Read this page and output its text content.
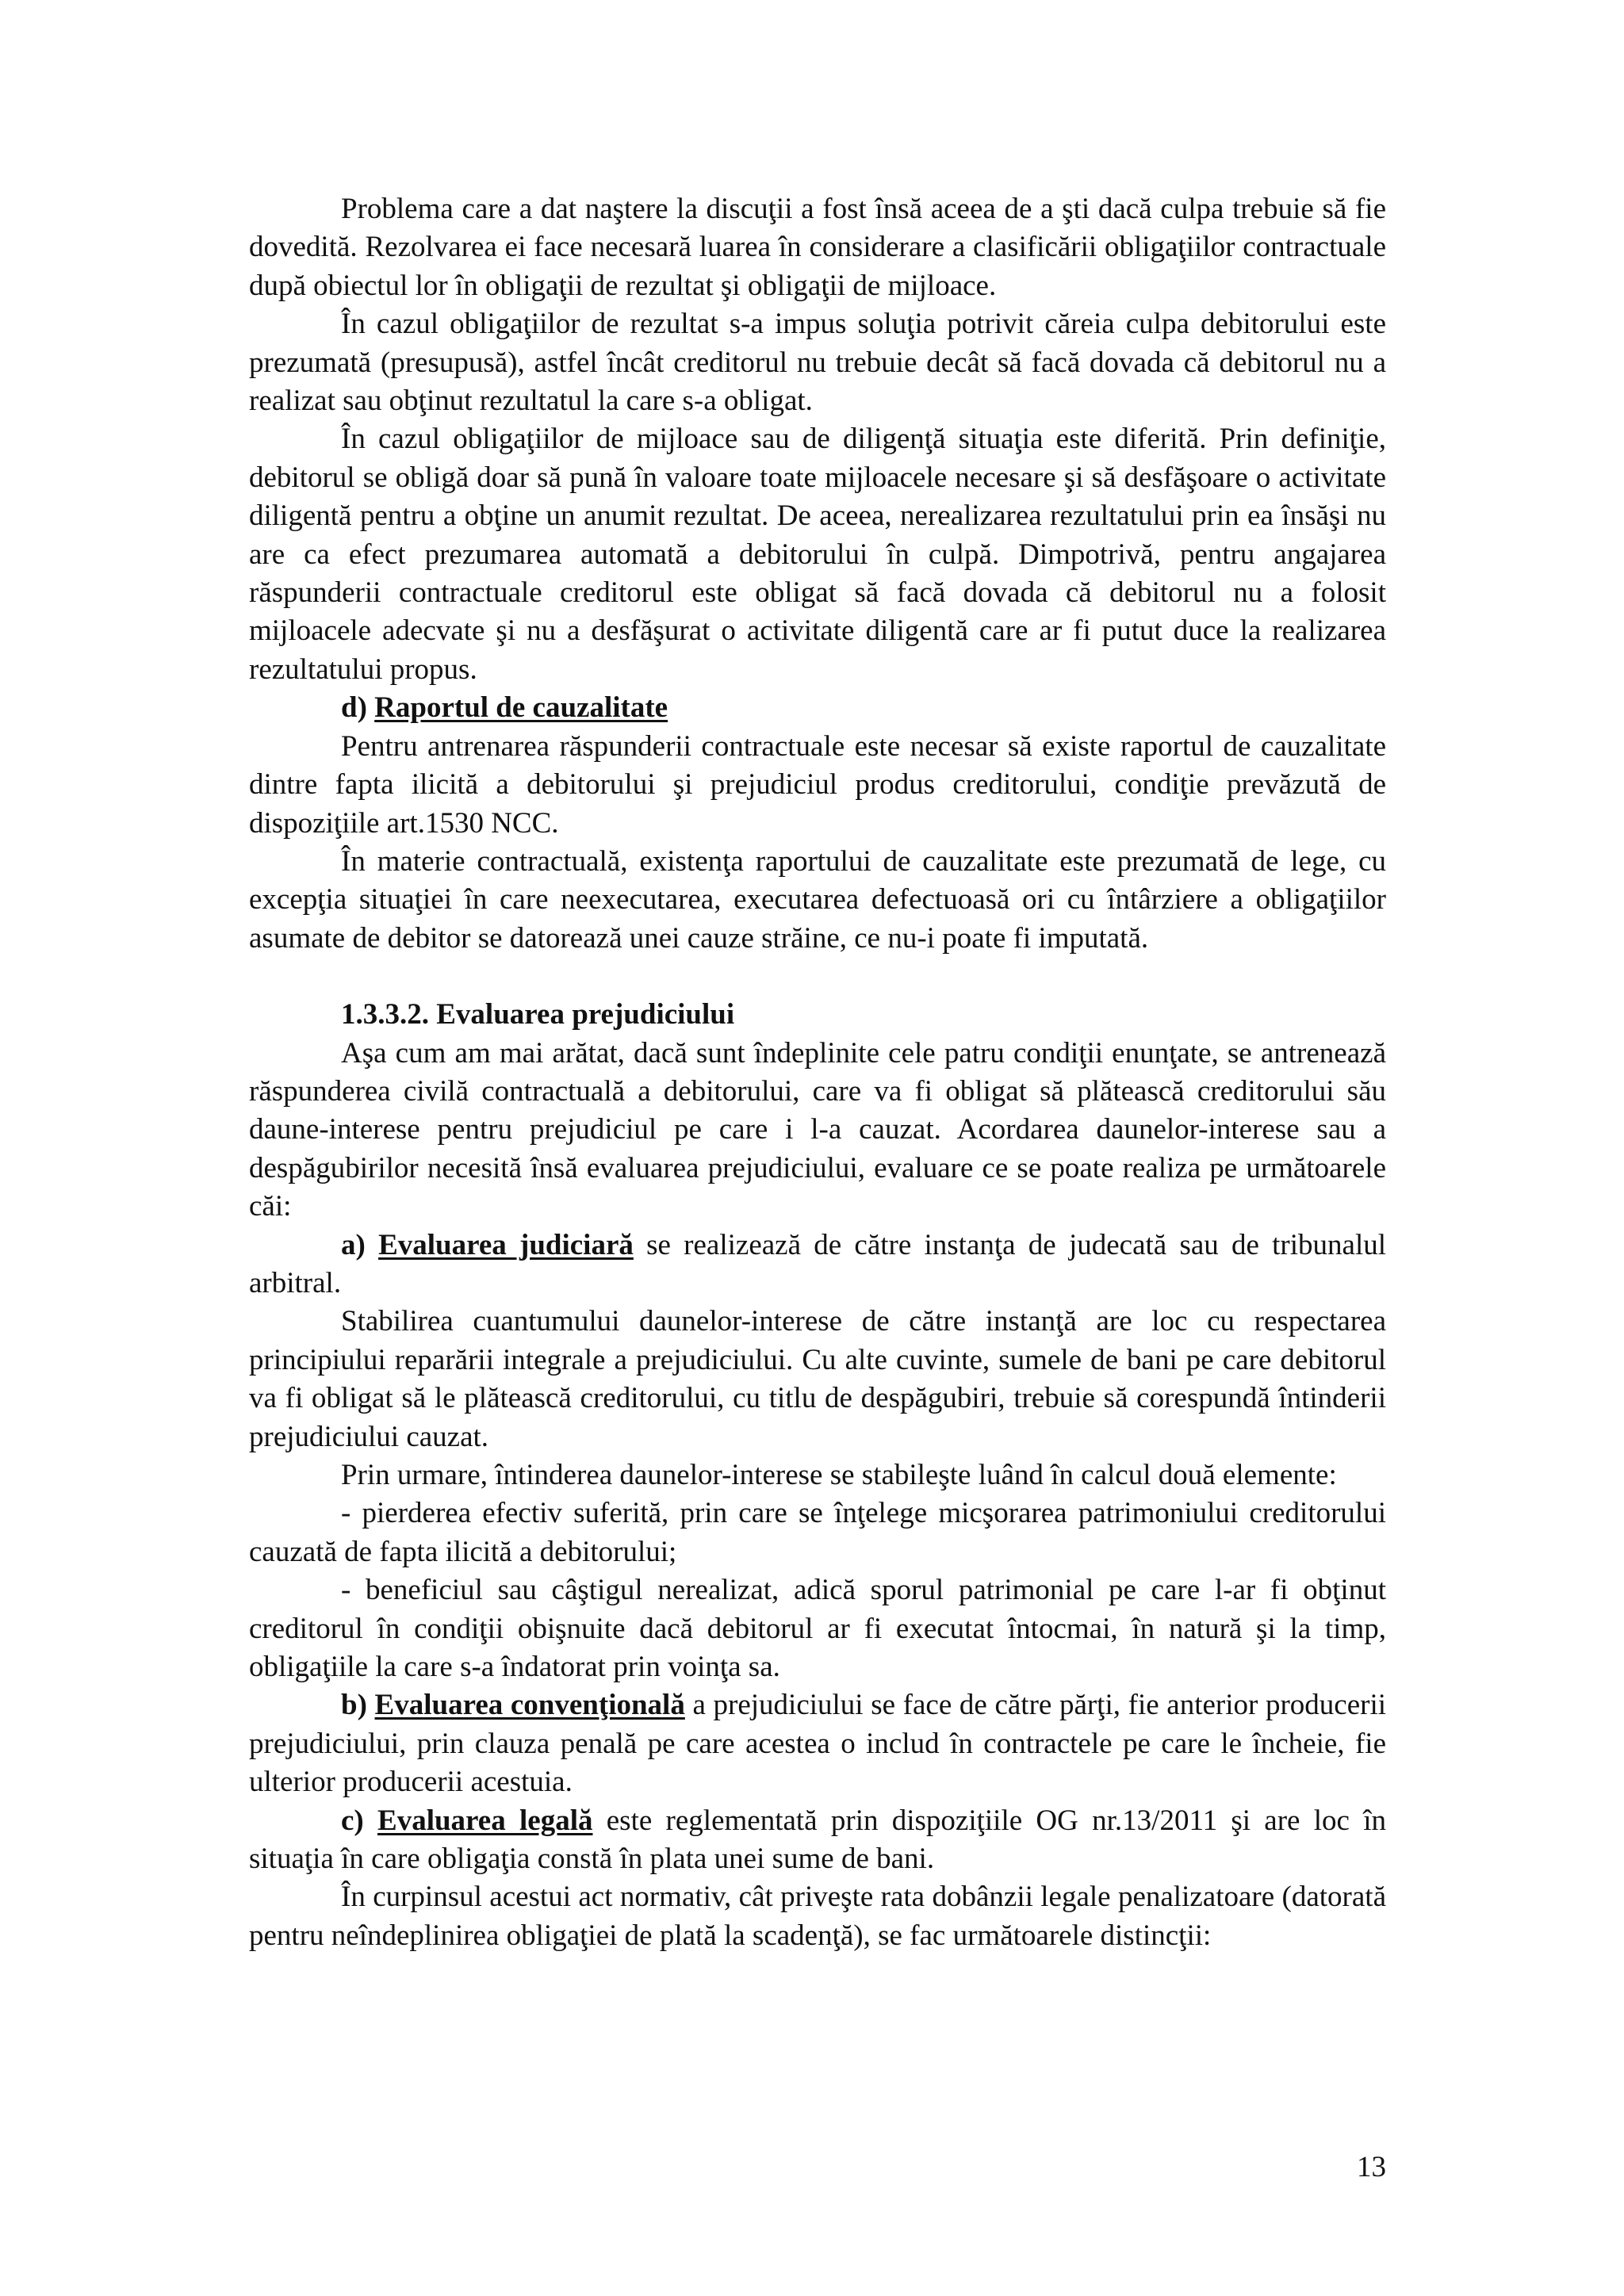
Problema care a dat naştere la discuţii a fost însă aceea de a şti dacă culpa trebuie să fie dovedită. Rezolvarea ei face necesară luarea în considerare a clasificării obligaţiilor contractuale după obiectul lor în obligaţii de rezultat şi obligaţii de mijloace.

În cazul obligaţiilor de rezultat s-a impus soluţia potrivit căreia culpa debitorului este prezumată (presupusă), astfel încât creditorul nu trebuie decât să facă dovada că debitorul nu a realizat sau obţinut rezultatul la care s-a obligat.

În cazul obligaţiilor de mijloace sau de diligenţă situaţia este diferită. Prin definiţie, debitorul se obligă doar să pună în valoare toate mijloacele necesare şi să desfăşoare o activitate diligentă pentru a obţine un anumit rezultat. De aceea, nerealizarea rezultatului prin ea însăşi nu are ca efect prezumarea automată a debitorului în culpă. Dimpotrivă, pentru angajarea răspunderii contractuale creditorul este obligat să facă dovada că debitorul nu a folosit mijloacele adecvate şi nu a desfăşurat o activitate diligentă care ar fi putut duce la realizarea rezultatului propus.

d) Raportul de cauzalitate

Pentru antrenarea răspunderii contractuale este necesar să existe raportul de cauzalitate dintre fapta ilicită a debitorului şi prejudiciul produs creditorului, condiţie prevăzută de dispoziţiile art.1530 NCC.

În materie contractuală, existenţa raportului de cauzalitate este prezumată de lege, cu excepţia situaţiei în care neexecutarea, executarea defectuoasă ori cu întârziere a obligaţiilor asumate de debitor se datorează unei cauze străine, ce nu-i poate fi imputată.

1.3.3.2. Evaluarea prejudiciului

Aşa cum am mai arătat, dacă sunt îndeplinite cele patru condiţii enunţate, se antrenează răspunderea civilă contractuală a debitorului, care va fi obligat să plătească creditorului său daune-interese pentru prejudiciul pe care i l-a cauzat. Acordarea daunelor-interese sau a despăgubirilor necesită însă evaluarea prejudiciului, evaluare ce se poate realiza pe următoarele căi:

a) Evaluarea judiciară se realizează de către instanţa de judecată sau de tribunalul arbitral.

Stabilirea cuantumului daunelor-interese de către instanţă are loc cu respectarea principiului reparării integrale a prejudiciului. Cu alte cuvinte, sumele de bani pe care debitorul va fi obligat să le plătească creditorului, cu titlu de despăgubiri, trebuie să corespundă întinderii prejudiciului cauzat.

Prin urmare, întinderea daunelor-interese se stabileşte luând în calcul două elemente:

- pierderea efectiv suferită, prin care se înţelege micşorarea patrimoniului creditorului cauzată de fapta ilicită a debitorului;

- beneficiul sau câştigul nerealizat, adică sporul patrimonial pe care l-ar fi obţinut creditorul în condiţii obişnuite dacă debitorul ar fi executat întocmai, în natură şi la timp, obligaţiile la care s-a îndatorat prin voinţa sa.

b) Evaluarea convenţională a prejudiciului se face de către părţi, fie anterior producerii prejudiciului, prin clauza penală pe care acestea o includ în contractele pe care le încheie, fie ulterior producerii acestuia.

c) Evaluarea legală este reglementată prin dispoziţiile OG nr.13/2011 şi are loc în situaţia în care obligaţia constă în plata unei sume de bani.

În curpinsul acestui act normativ, cât priveşte rata dobânzii legale penalizatoare (datorată pentru neîndeplinirea obligaţiei de plată la scadenţă), se fac următoarele distincţii:

13
